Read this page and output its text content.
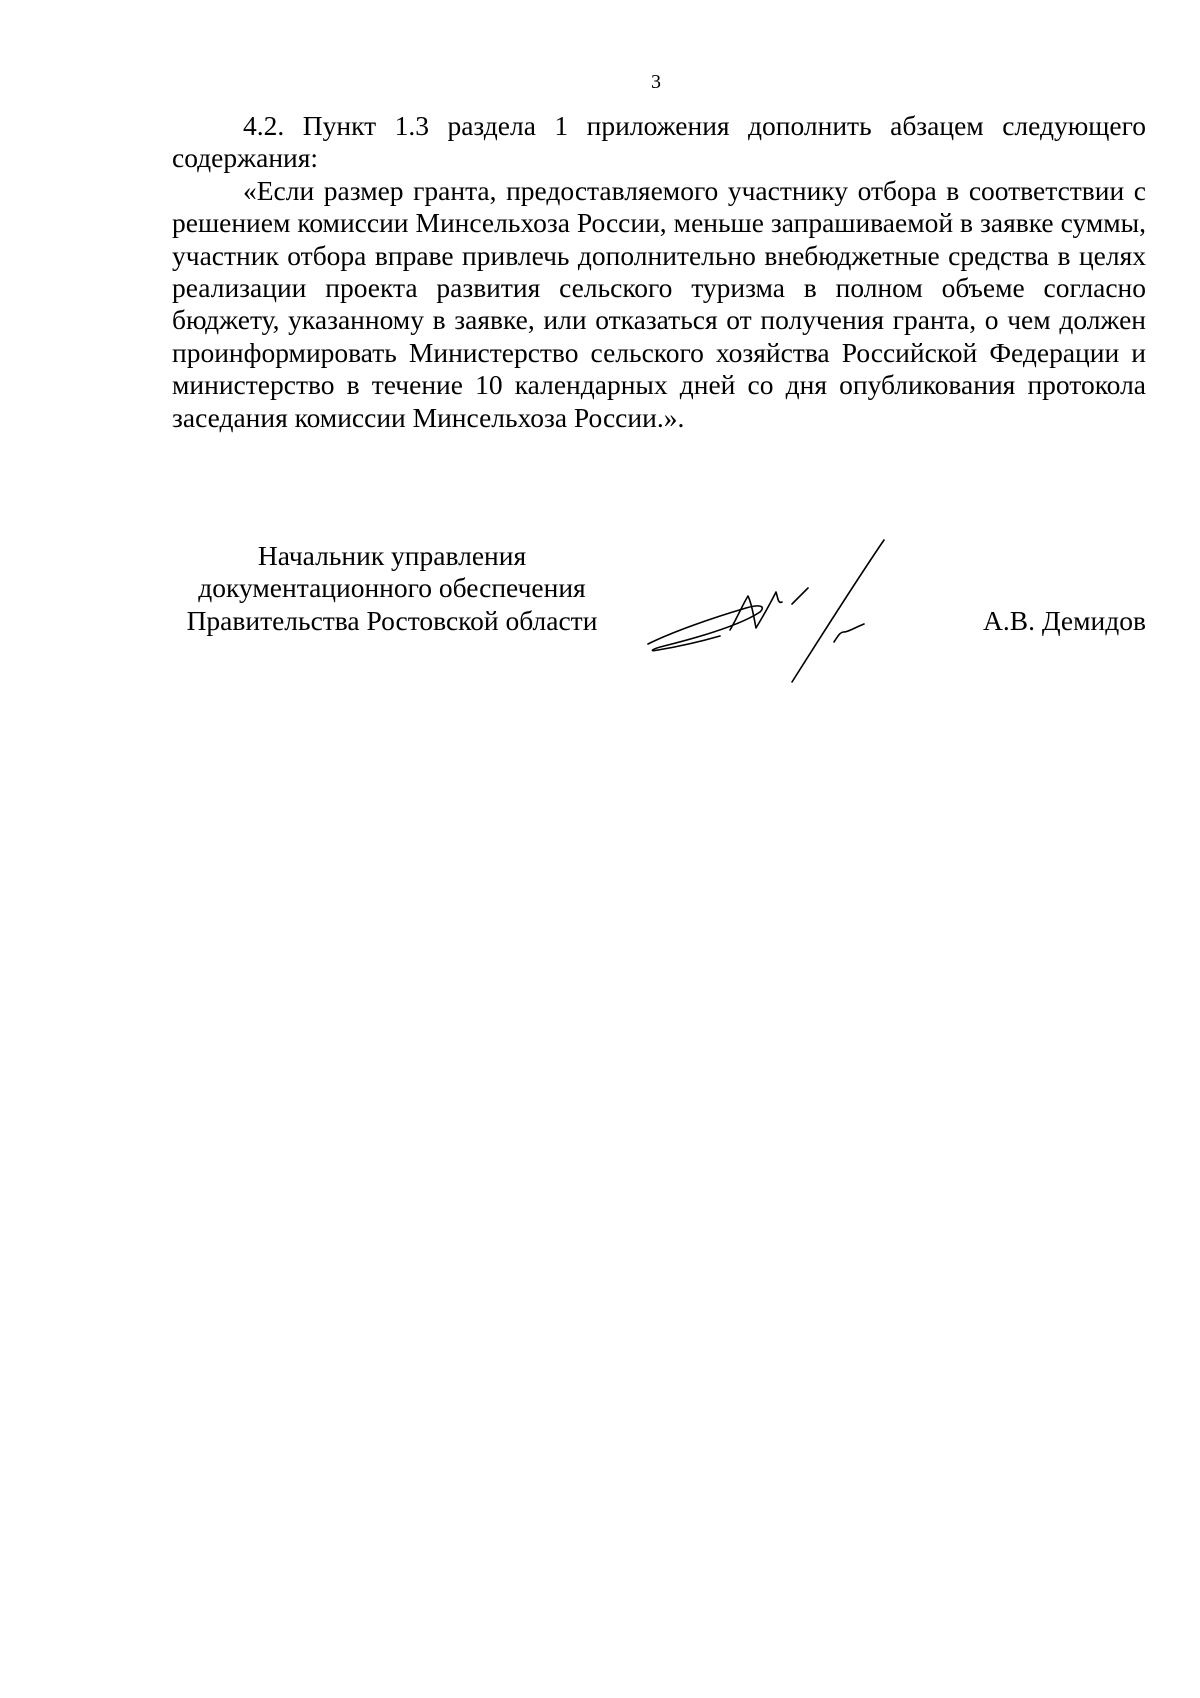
3

4.2. Пункт 1.3 раздела 1 приложения дополнить абзацем следующего содержания:

«Если размер гранта, предоставляемого участнику отбора в соответствии с решением комиссии Минсельхоза России, меньше запрашиваемой в заявке суммы, участник отбора вправе привлечь дополнительно внебюджетные средства в целях реализации проекта развития сельского туризма в полном объеме согласно бюджету, указанному в заявке, или отказаться от получения гранта, о чем должен проинформировать Министерство сельского хозяйства Российской Федерации и министерство в течение 10 календарных дней со дня опубликования протокола заседания комиссии Минсельхоза России.».

Начальник управления
документационного обеспечения
Правительства Ростовской области	А.В. Демидов
